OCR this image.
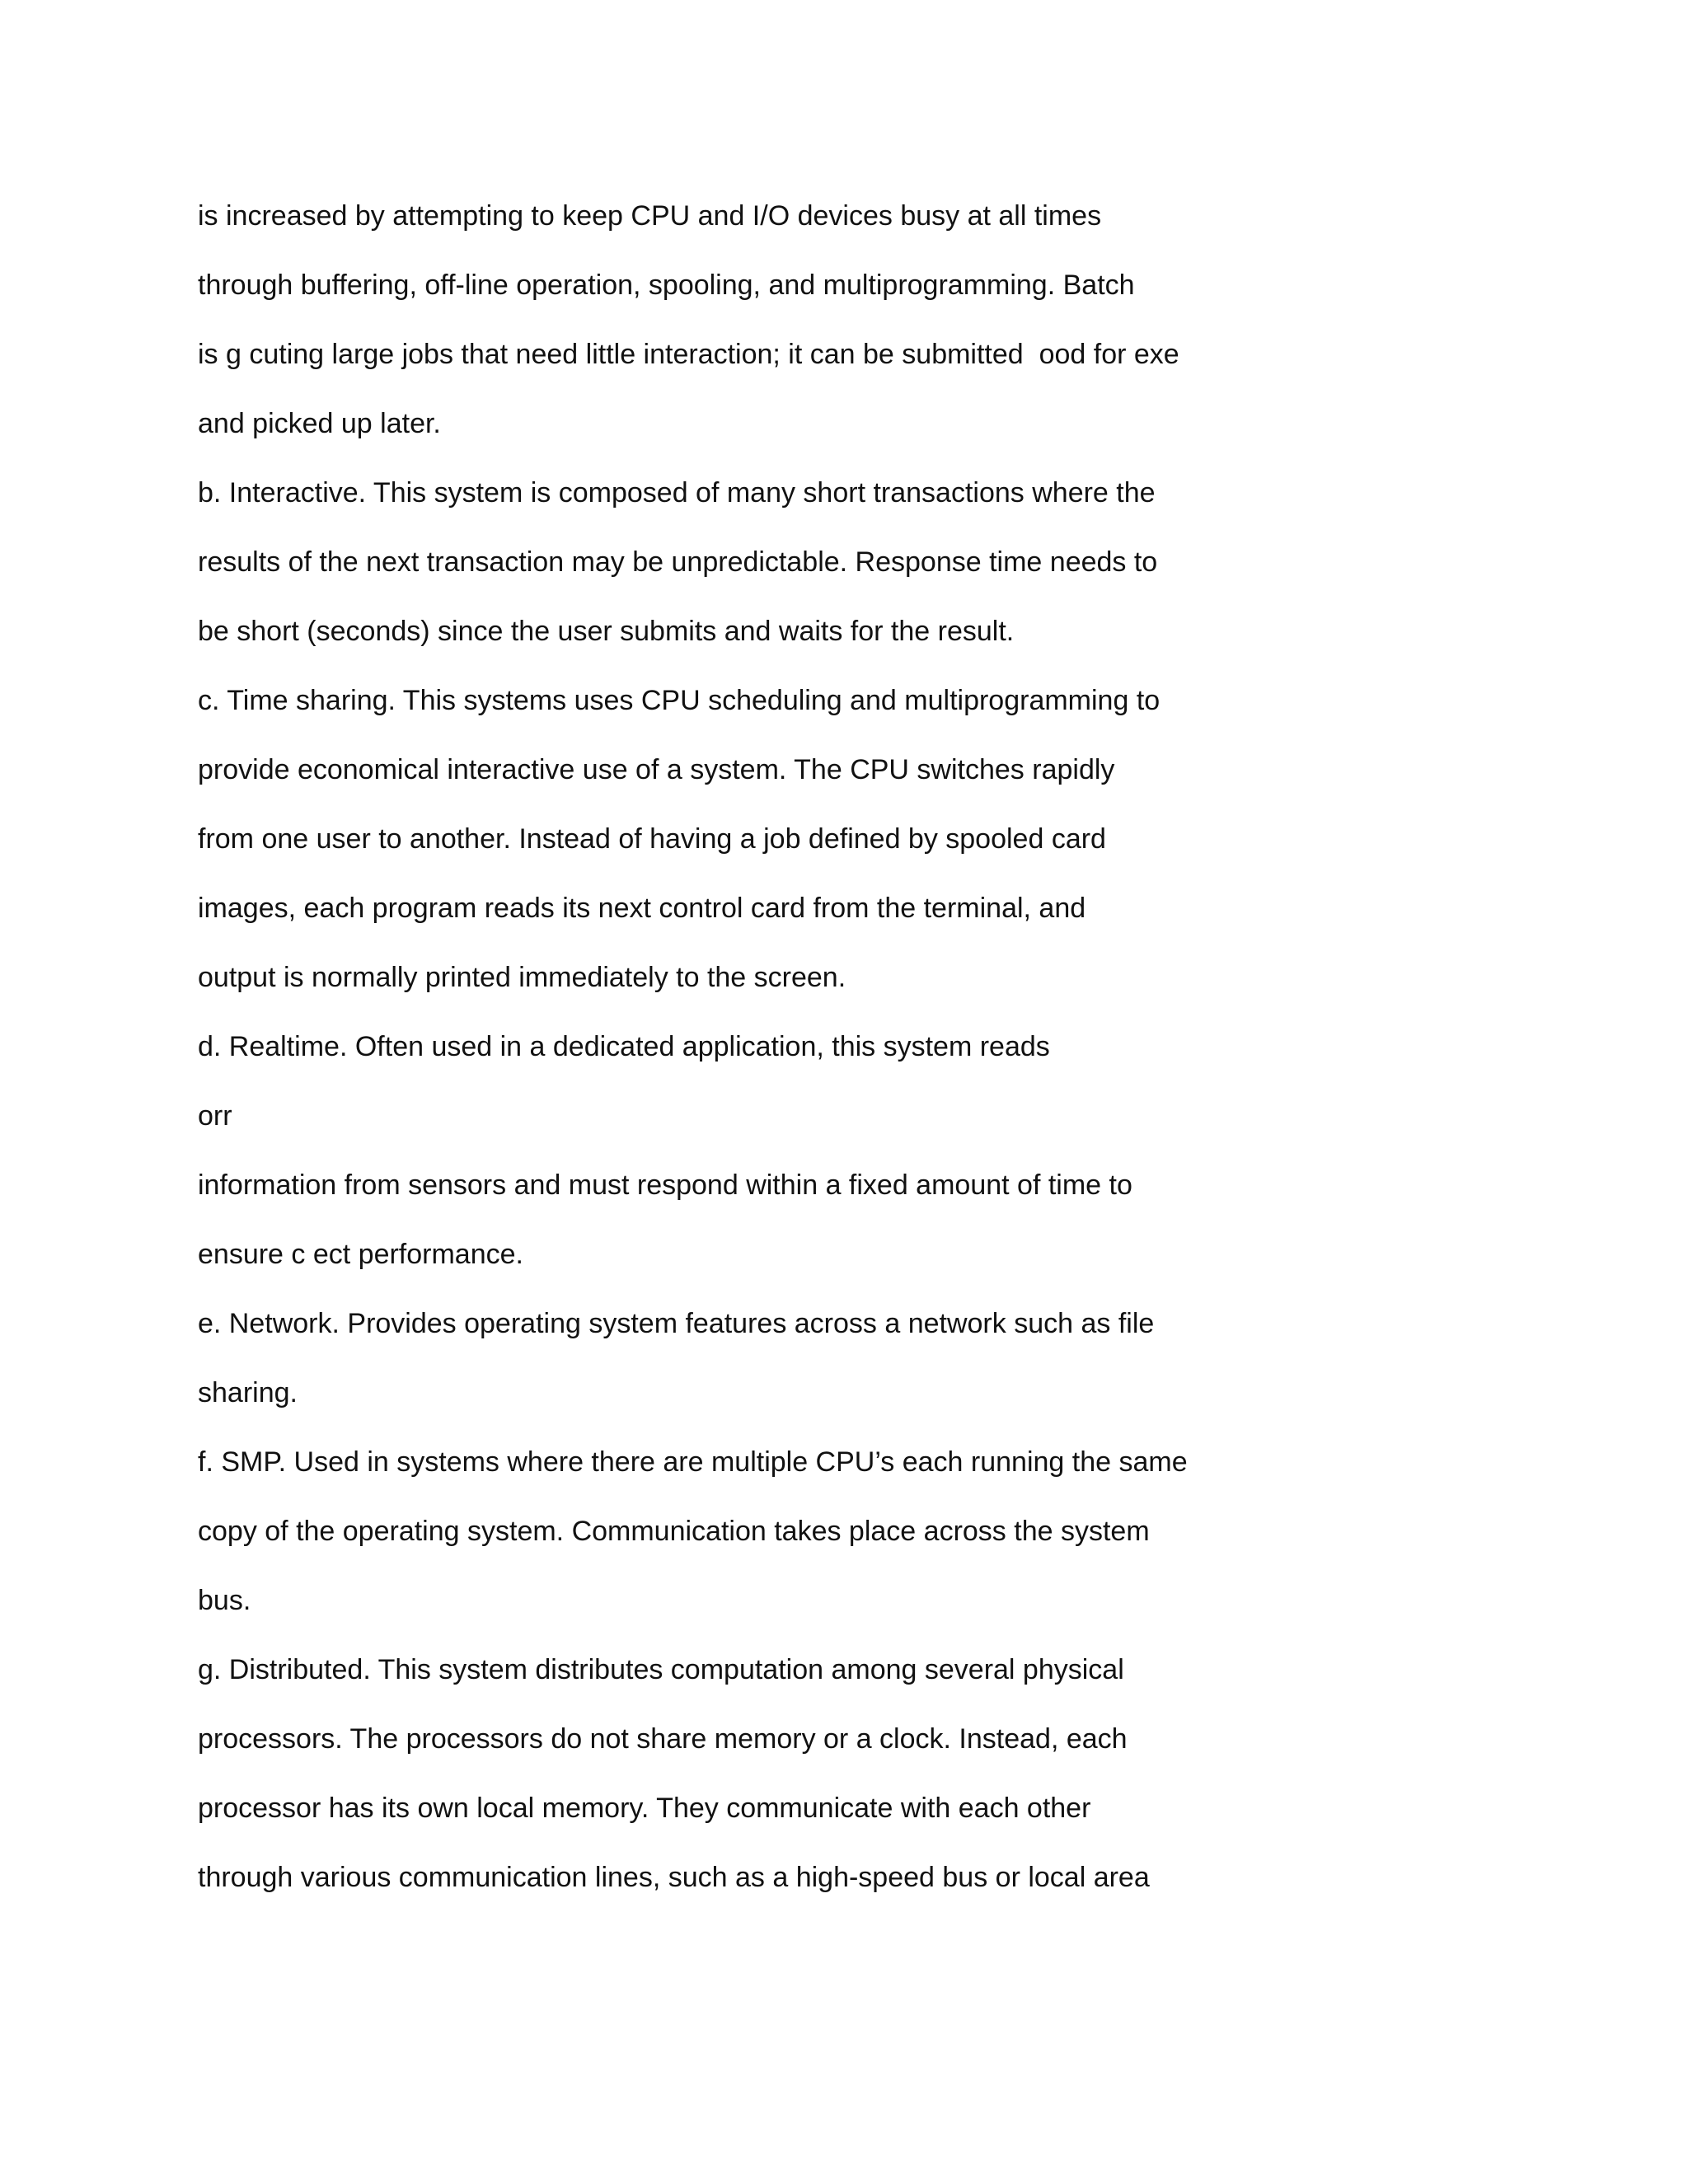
is increased by attempting to keep CPU and I/O devices busy at all times

through buffering, off-line operation, spooling, and multiprogramming. Batch

is g cuting large jobs that need little interaction; it can be submitted  ood for exe

and picked up later.

b. Interactive. This system is composed of many short transactions where the

results of the next transaction may be unpredictable. Response time needs to

be short (seconds) since the user submits and waits for the result.

c. Time sharing. This systems uses CPU scheduling and multiprogramming to

provide economical interactive use of a system. The CPU switches rapidly

from one user to another. Instead of having a job defined by spooled card

images, each program reads its next control card from the terminal, and

output is normally printed immediately to the screen.

d. Realtime. Often used in a dedicated application, this system reads

orr

information from sensors and must respond within a fixed amount of time to

ensure c ect performance.

e. Network. Provides operating system features across a network such as file

sharing.

f. SMP. Used in systems where there are multiple CPU’s each running the same

copy of the operating system. Communication takes place across the system

bus.

g. Distributed. This system distributes computation among several physical

processors. The processors do not share memory or a clock. Instead, each

processor has its own local memory. They communicate with each other

through various communication lines, such as a high-speed bus or local area
